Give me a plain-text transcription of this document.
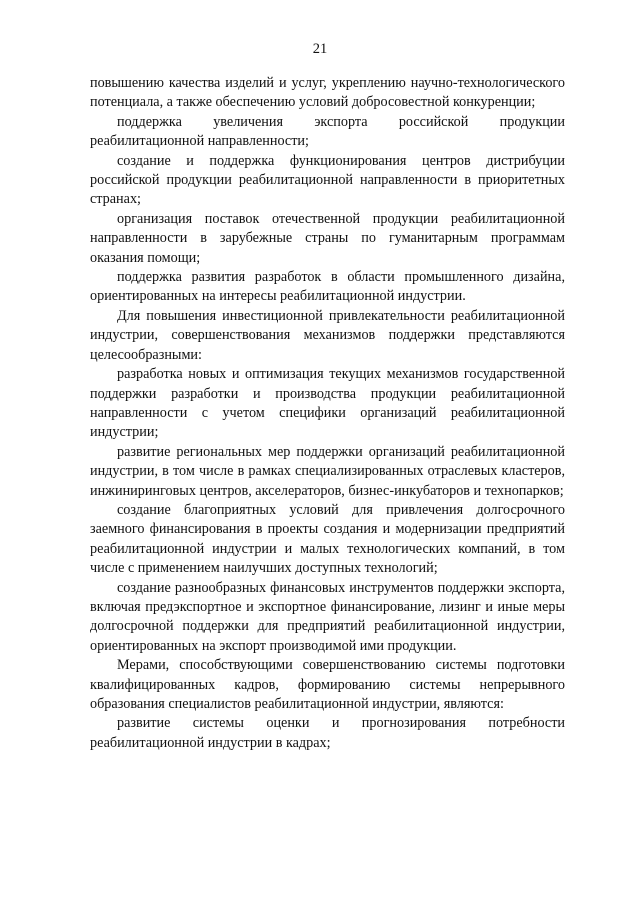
21

повышению качества изделий и услуг, укреплению научно-технологического потенциала, а также обеспечению условий добросовестной конкуренции;

поддержка увеличения экспорта российской продукции реабилитационной направленности;

создание и поддержка функционирования центров дистрибуции российской продукции реабилитационной направленности в приоритетных странах;

организация поставок отечественной продукции реабилитационной направленности в зарубежные страны по гуманитарным программам оказания помощи;

поддержка развития разработок в области промышленного дизайна, ориентированных на интересы реабилитационной индустрии.

Для повышения инвестиционной привлекательности реабилитационной индустрии, совершенствования механизмов поддержки представляются целесообразными:

разработка новых и оптимизация текущих механизмов государственной поддержки разработки и производства продукции реабилитационной направленности с учетом специфики организаций реабилитационной индустрии;

развитие региональных мер поддержки организаций реабилитационной индустрии, в том числе в рамках специализированных отраслевых кластеров, инжиниринговых центров, акселераторов, бизнес-инкубаторов и технопарков;

создание благоприятных условий для привлечения долгосрочного заемного финансирования в проекты создания и модернизации предприятий реабилитационной индустрии и малых технологических компаний, в том числе с применением наилучших доступных технологий;

создание разнообразных финансовых инструментов поддержки экспорта, включая предэкспортное и экспортное финансирование, лизинг и иные меры долгосрочной поддержки для предприятий реабилитационной индустрии, ориентированных на экспорт производимой ими продукции.

Мерами, способствующими совершенствованию системы подготовки квалифицированных кадров, формированию системы непрерывного образования специалистов реабилитационной индустрии, являются:

развитие системы оценки и прогнозирования потребности реабилитационной индустрии в кадрах;
